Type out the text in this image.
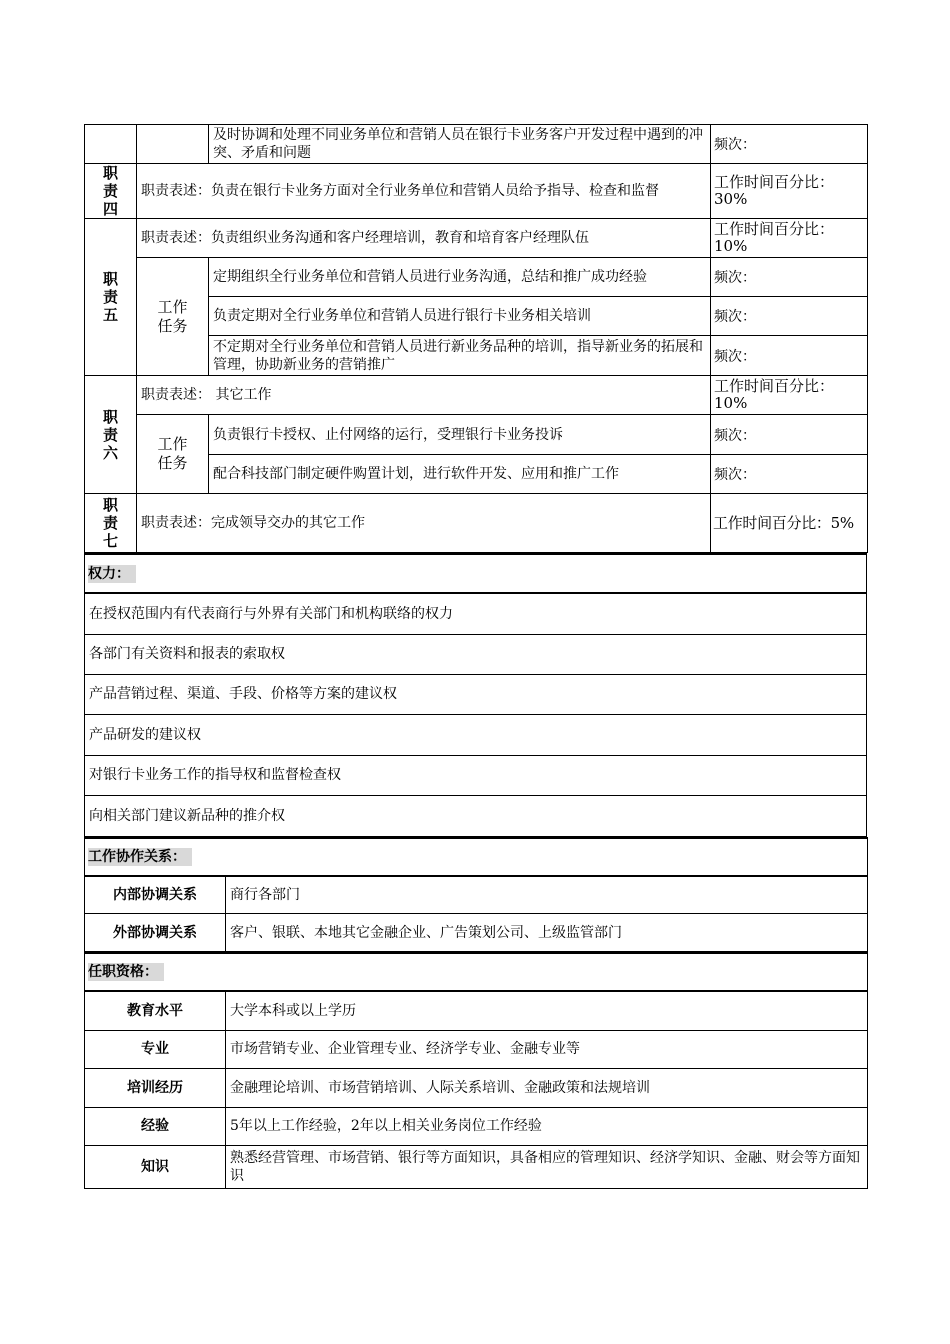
		及时协调和处理不同业务单位和营销人员在银行卡业务客户开发过程中遇到的冲突、矛盾和问题	频次：

职
责
四	职责表述：负责在银行卡业务方面对全行业务单位和营销人员给予指导、检查和监督		工作时间百分比：30%

职
责
五	职责表述：负责组织业务沟通和客户经理培训，教育和培育客户经理队伍		工作时间百分比：10%

	工作
任务	定期组织全行业务单位和营销人员进行业务沟通，总结和推广成功经验	频次：
		负责定期对全行业务单位和营销人员进行银行卡业务相关培训	频次：
		不定期对全行业务单位和营销人员进行新业务品种的培训，指导新业务的拓展和管理，协助新业务的营销推广	频次：

职
责
六	职责表述： 其它工作		工作时间百分比：10%

	工作
任务	负责银行卡授权、止付网络的运行，受理银行卡业务投诉	频次：
		配合科技部门制定硬件购置计划，进行软件开发、应用和推广工作	频次：

职
责
七	职责表述：完成领导交办的其它工作		工作时间百分比：5%
权力：
在授权范围内有代表商行与外界有关部门和机构联络的权力
各部门有关资料和报表的索取权
产品营销过程、渠道、手段、价格等方案的建议权
产品研发的建议权
对银行卡业务工作的指导权和监督检查权
向相关部门建议新品种的推介权
工作协作关系：	
内部协调关系	商行各部门
外部协调关系	客户、银联、本地其它金融企业、广告策划公司、上级监管部门
任职资格：	
教育水平	大学本科或以上学历
专业	市场营销专业、企业管理专业、经济学专业、金融专业等
培训经历	金融理论培训、市场营销培训、人际关系培训、金融政策和法规培训
经验	5年以上工作经验，2年以上相关业务岗位工作经验
知识	熟悉经营管理、市场营销、银行等方面知识，具备相应的管理知识、经济学知识、金融、财会等方面知识
